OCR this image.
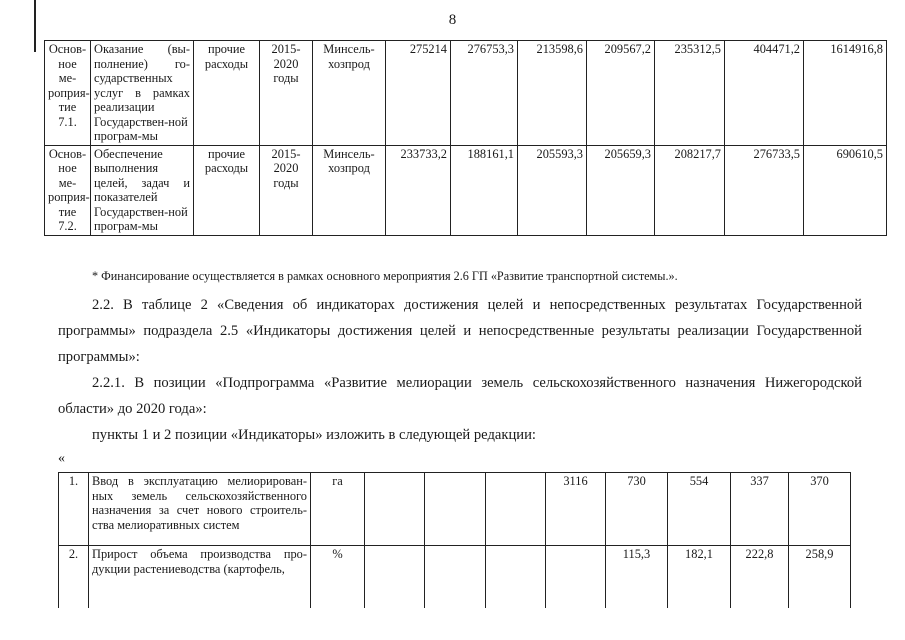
8
Основ-ное ме-роприя-тие 7.1.	Оказание (вы-полнение) го-сударственных услуг в рамках реализации Государствен-ной програм-мы	прочие расходы	2015-2020 годы	Минсель-хозпрод	275214	276753,3	213598,6	209567,2	235312,5	404471,2	1614916,8
Основ-ное ме-роприя-тие 7.2.	Обеспечение выполнения целей, задач и показателей Государствен-ной програм-мы	прочие расходы	2015-2020 годы	Минсель-хозпрод	233733,2	188161,1	205593,3	205659,3	208217,7	276733,5	690610,5
* Финансирование осуществляется в рамках основного мероприятия 2.6 ГП «Развитие транспортной системы.».
2.2. В таблице 2 «Сведения об индикаторах достижения целей и непосредственных результатах Государственной программы» подраздела 2.5 «Индикаторы достижения целей и непосредственные результаты реализации Государственной программы»:
2.2.1. В позиции «Подпрограмма «Развитие мелиорации земель сельскохозяйственного назначения Нижегородской области» до 2020 года»:
пункты 1 и 2 позиции «Индикаторы» изложить в следующей редакции:
«
1.	Ввод в эксплуатацию мелиорирован-ных земель сельскохозяйственного назначения за счет нового строитель-ства мелиоративных систем	га				3116	730	554	337	370
2.	Прирост объема производства про-дукции растениеводства (картофель,	%					115,3	182,1	222,8	258,9
